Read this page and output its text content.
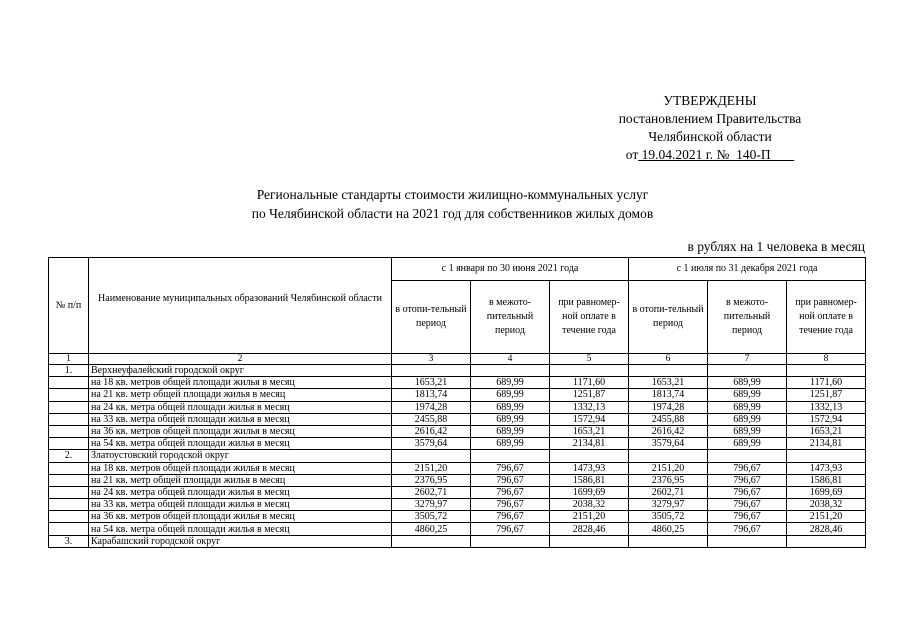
УТВЕРЖДЕНЫ
постановлением Правительства
Челябинской области
от 19.04.2021 г. №  140-П
Региональные стандарты стоимости жилищно-коммунальных услуг
по Челябинской области на 2021 год для собственников жилых домов
в рублях на 1 человека в месяц
№ п/п	Наименование муниципальных образований Челябинской области	с 1 января по 30 июня 2021 года			с 1 июля по 31 декабря 2021 года		
		в отопи-тельный период	в межото-пительный период	при равномер-ной оплате в течение года	в отопи-тельный период	в межото-пительный период	при равномер-ной оплате в течение года
1	2	3	4	5	6	7	8
1.	Верхнеуфалейский городской округ						
	на 18 кв. метров общей площади жилья в месяц	1653,21	689,99	1171,60	1653,21	689,99	1171,60
	на 21 кв. метр общей площади жилья в месяц	1813,74	689,99	1251,87	1813,74	689,99	1251,87
	на 24 кв. метра общей площади жилья в месяц	1974,28	689,99	1332,13	1974,28	689,99	1332,13
	на 33 кв. метра общей площади жилья в месяц	2455,88	689,99	1572,94	2455,88	689,99	1572,94
	на 36 кв. метров общей площади жилья в месяц	2616,42	689,99	1653,21	2616,42	689,99	1653,21
	на 54 кв. метра общей площади жилья в месяц	3579,64	689,99	2134,81	3579,64	689,99	2134,81
2.	Златоустовский городской округ						
	на 18 кв. метров общей площади жилья в месяц	2151,20	796,67	1473,93	2151,20	796,67	1473,93
	на 21 кв. метр общей площади жилья в месяц	2376,95	796,67	1586,81	2376,95	796,67	1586,81
	на 24 кв. метра общей площади жилья в месяц	2602,71	796,67	1699,69	2602,71	796,67	1699,69
	на 33 кв. метра общей площади жилья в месяц	3279,97	796,67	2038,32	3279,97	796,67	2038,32
	на 36 кв. метров общей площади жилья в месяц	3505,72	796,67	2151,20	3505,72	796,67	2151,20
	на 54 кв. метра общей площади жилья в месяц	4860,25	796,67	2828,46	4860,25	796,67	2828,46
3.	Карабашский городской округ						
